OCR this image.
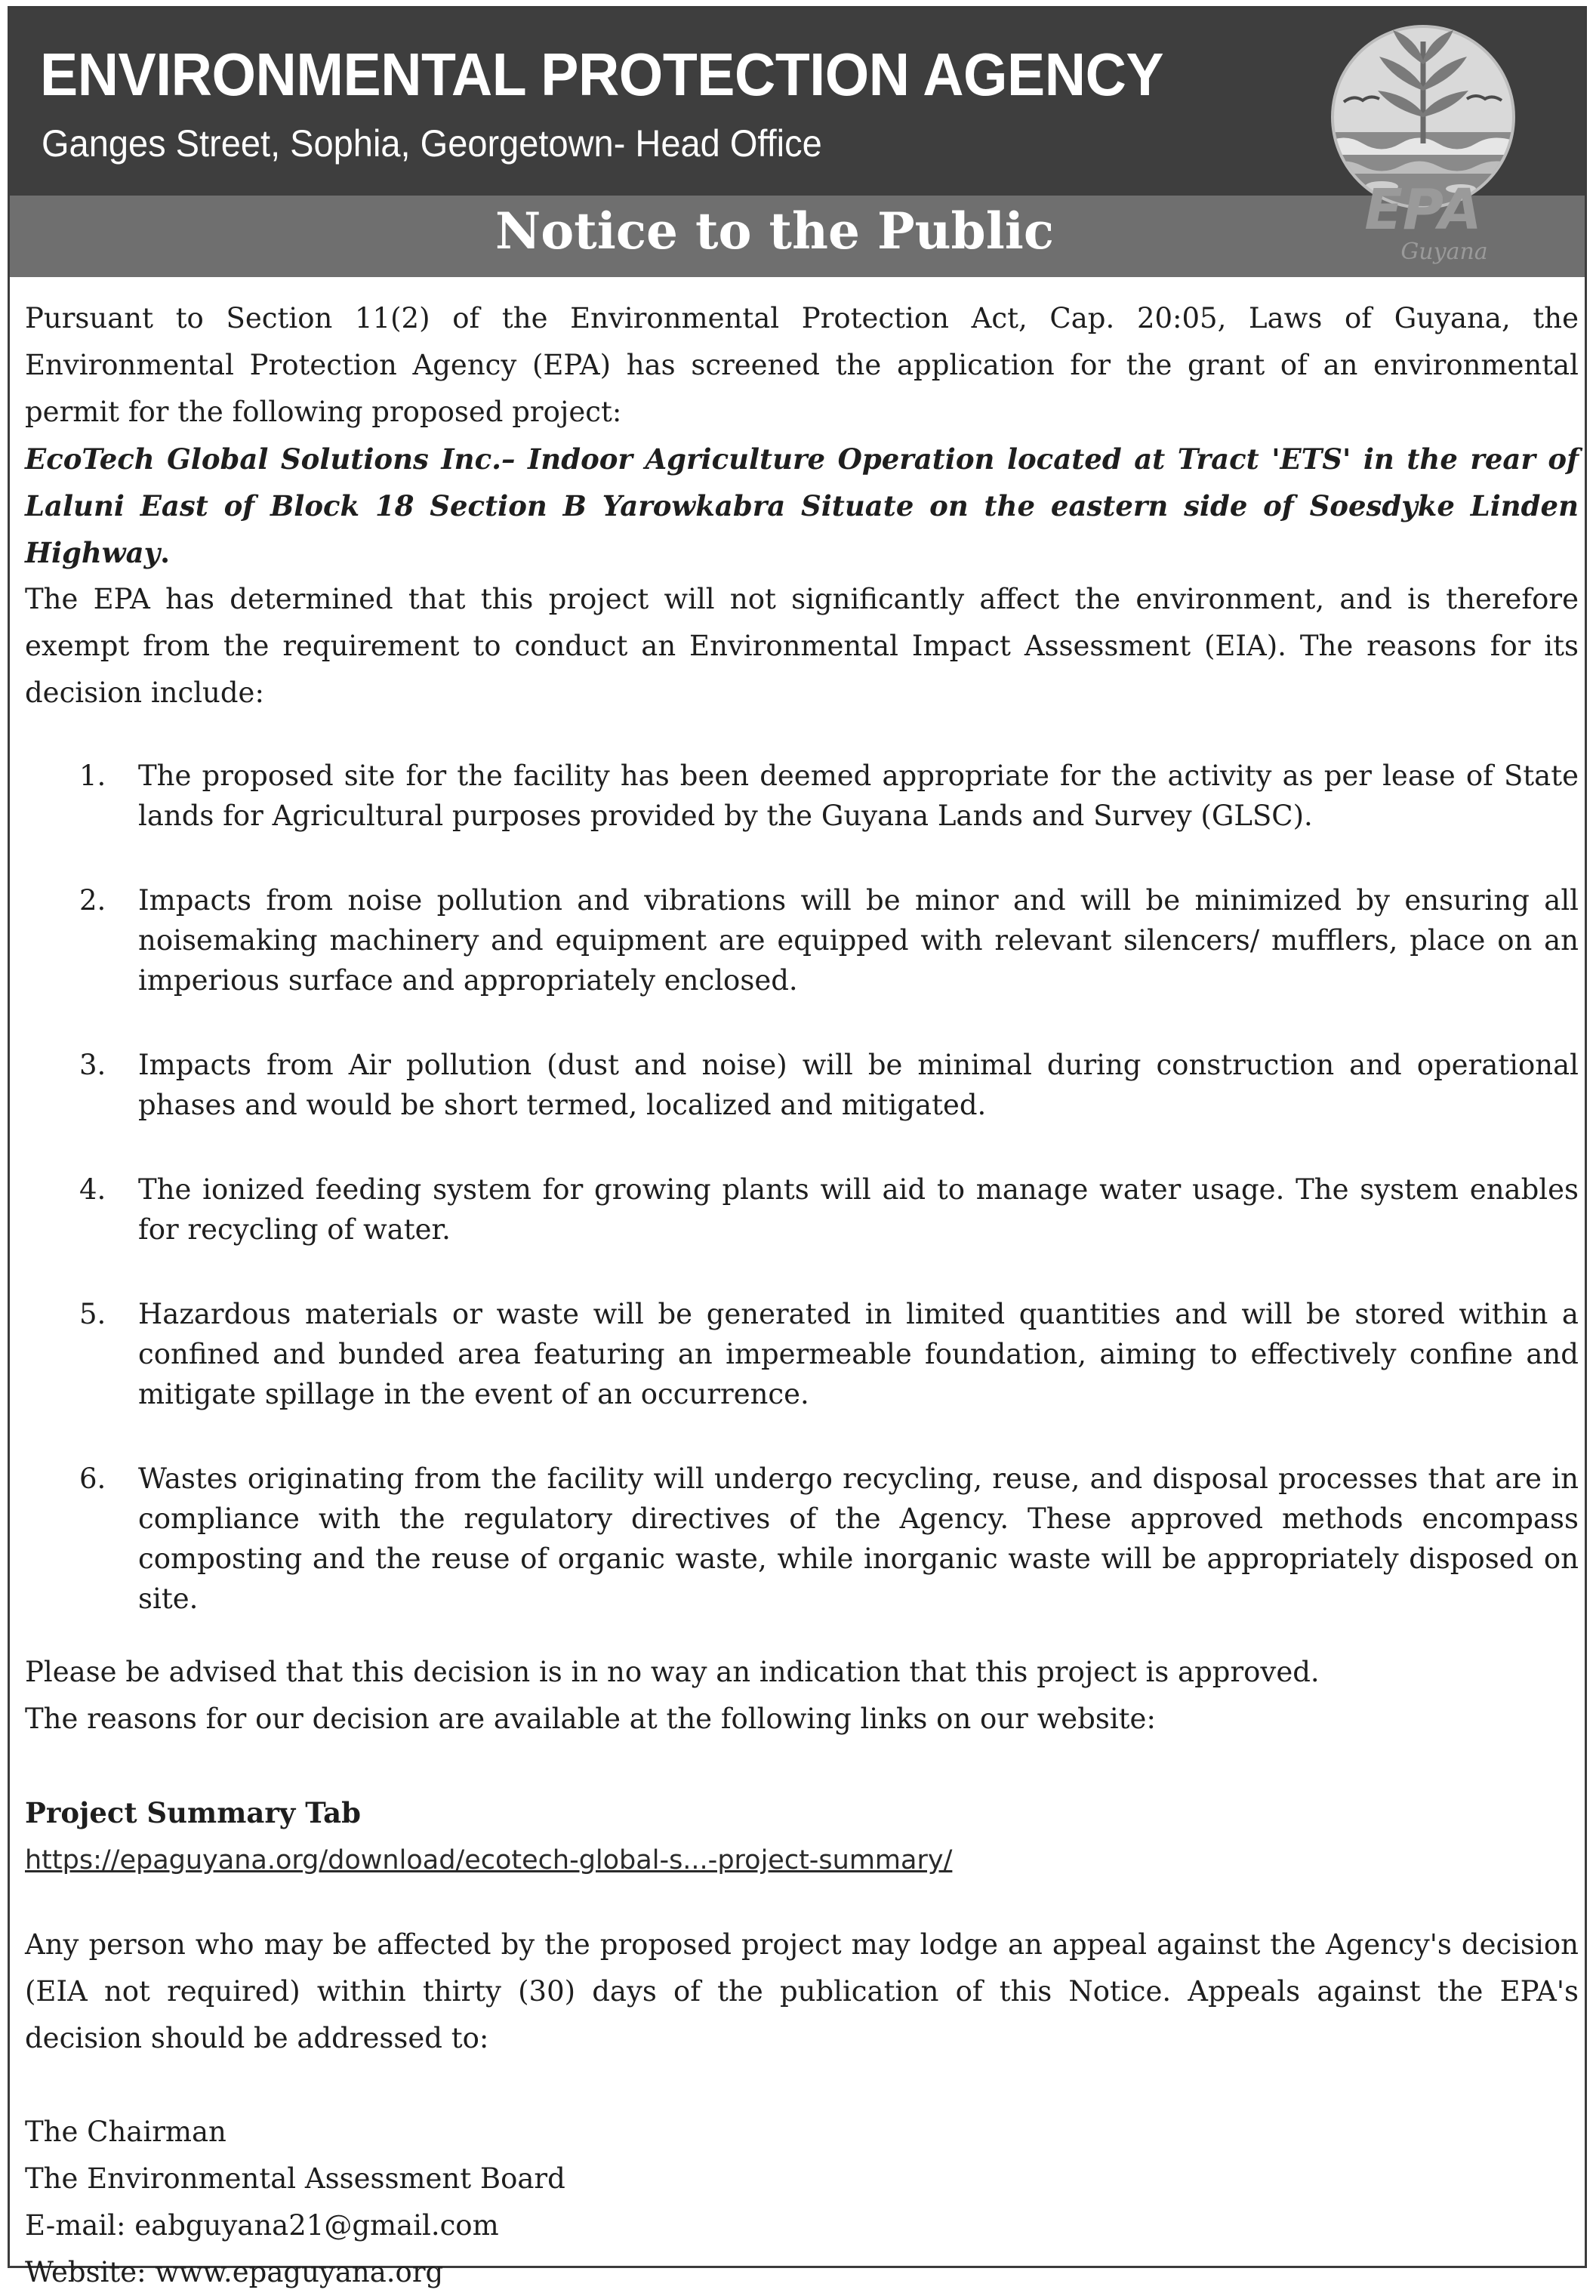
ENVIRONMENTAL PROTECTION AGENCY
Ganges Street, Sophia, Georgetown- Head Office
Notice to the Public	EPA
Guyana

Pursuant to Section 11(2) of the Environmental Protection Act, Cap. 20:05, Laws of Guyana, the Environmental Protection Agency (EPA) has screened the application for the grant of an environmental permit for the following proposed project:

EcoTech Global Solutions Inc.– Indoor Agriculture Operation located at Tract 'ETS' in the rear of Laluni East of Block 18 Section B Yarowkabra Situate on the eastern side of Soesdyke Linden Highway.

The EPA has determined that this project will not significantly affect the environment, and is therefore exempt from the requirement to conduct an Environmental Impact Assessment (EIA). The reasons for its decision include:

1. The proposed site for the facility has been deemed appropriate for the activity as per lease of State lands for Agricultural purposes provided by the Guyana Lands and Survey (GLSC).
2. Impacts from noise pollution and vibrations will be minor and will be minimized by ensuring all noisemaking machinery and equipment are equipped with relevant silencers/ mufflers, place on an imperious surface and appropriately enclosed.
3. Impacts from Air pollution (dust and noise) will be minimal during construction and operational phases and would be short termed, localized and mitigated.
4. The ionized feeding system for growing plants will aid to manage water usage. The system enables for recycling of water.
5. Hazardous materials or waste will be generated in limited quantities and will be stored within a confined and bunded area featuring an impermeable foundation, aiming to effectively confine and mitigate spillage in the event of an occurrence.
6. Wastes originating from the facility will undergo recycling, reuse, and disposal processes that are in compliance with the regulatory directives of the Agency. These approved methods encompass composting and the reuse of organic waste, while inorganic waste will be appropriately disposed on site.

Please be advised that this decision is in no way an indication that this project is approved.

The reasons for our decision are available at the following links on our website:

Project Summary Tab

https://epaguyana.org/download/ecotech-global-s...-project-summary/

Any person who may be affected by the proposed project may lodge an appeal against the Agency's decision (EIA not required) within thirty (30) days of the publication of this Notice. Appeals against the EPA's decision should be addressed to:

The Chairman

The Environmental Assessment Board

E-mail: eabguyana21@gmail.com

Website: www.epaguyana.org
